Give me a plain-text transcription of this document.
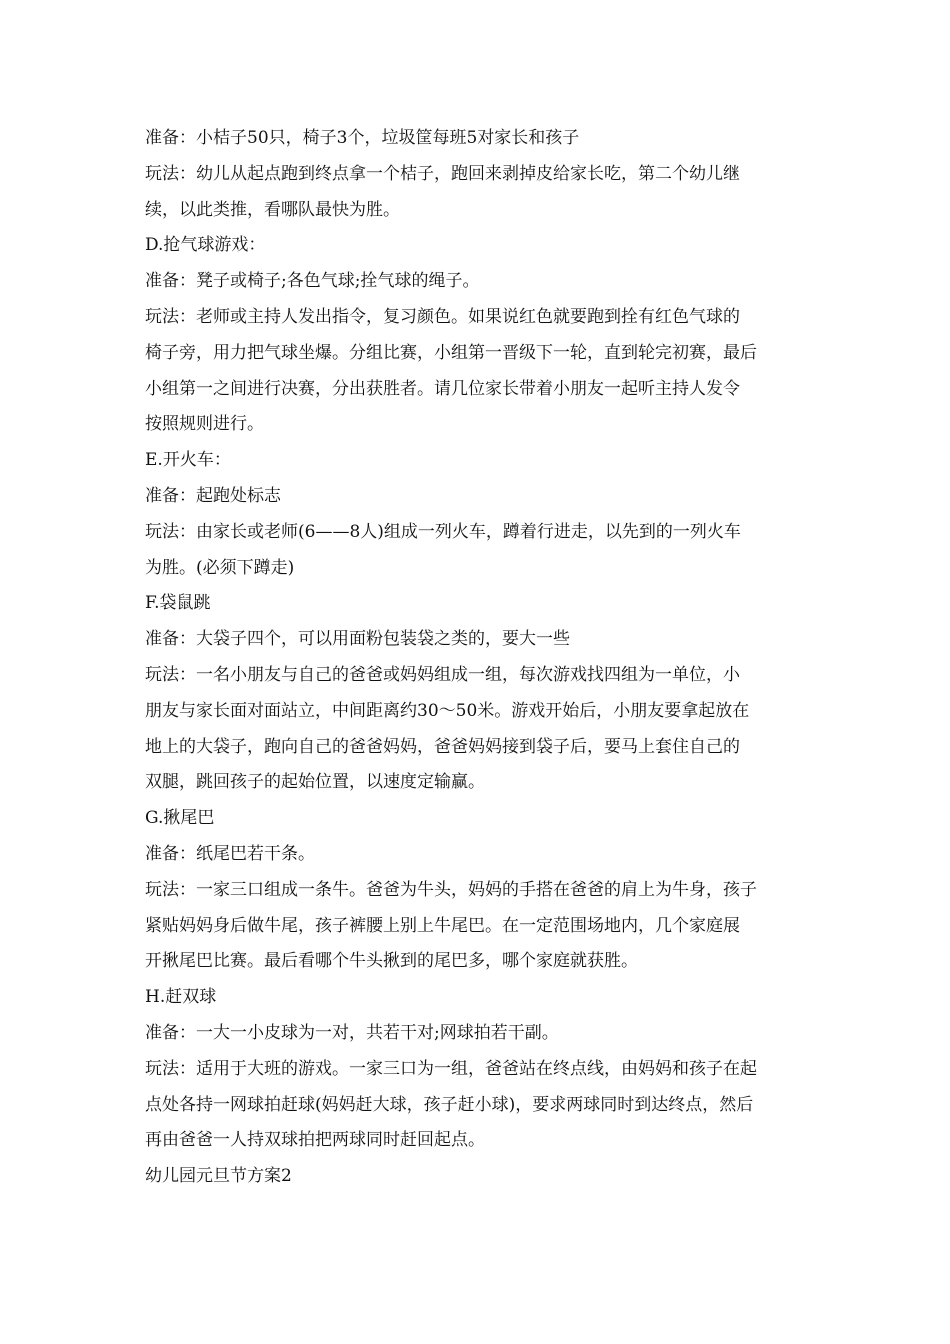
准备：小桔子50只，椅子3个，垃圾筐每班5对家长和孩子
玩法：幼儿从起点跑到终点拿一个桔子，跑回来剥掉皮给家长吃，第二个幼儿继
续，以此类推，看哪队最快为胜。
D.抢气球游戏：
准备：凳子或椅子;各色气球;拴气球的绳子。
玩法：老师或主持人发出指令，复习颜色。如果说红色就要跑到拴有红色气球的
椅子旁，用力把气球坐爆。分组比赛，小组第一晋级下一轮，直到轮完初赛，最后
小组第一之间进行决赛，分出获胜者。请几位家长带着小朋友一起听主持人发令
按照规则进行。
E.开火车：
准备：起跑处标志
玩法：由家长或老师(6——8人)组成一列火车，蹲着行进走，以先到的一列火车
为胜。(必须下蹲走)
F.袋鼠跳
准备：大袋子四个，可以用面粉包装袋之类的，要大一些
玩法：一名小朋友与自己的爸爸或妈妈组成一组，每次游戏找四组为一单位，小
朋友与家长面对面站立，中间距离约30～50米。游戏开始后，小朋友要拿起放在
地上的大袋子，跑向自己的爸爸妈妈，爸爸妈妈接到袋子后，要马上套住自己的
双腿，跳回孩子的起始位置，以速度定输赢。
G.揪尾巴
准备：纸尾巴若干条。
玩法：一家三口组成一条牛。爸爸为牛头，妈妈的手搭在爸爸的肩上为牛身，孩子
紧贴妈妈身后做牛尾，孩子裤腰上别上牛尾巴。在一定范围场地内，几个家庭展
开揪尾巴比赛。最后看哪个牛头揪到的尾巴多，哪个家庭就获胜。
H.赶双球
准备：一大一小皮球为一对，共若干对;网球拍若干副。
玩法：适用于大班的游戏。一家三口为一组，爸爸站在终点线，由妈妈和孩子在起
点处各持一网球拍赶球(妈妈赶大球，孩子赶小球)，要求两球同时到达终点，然后
再由爸爸一人持双球拍把两球同时赶回起点。
幼儿园元旦节方案2
